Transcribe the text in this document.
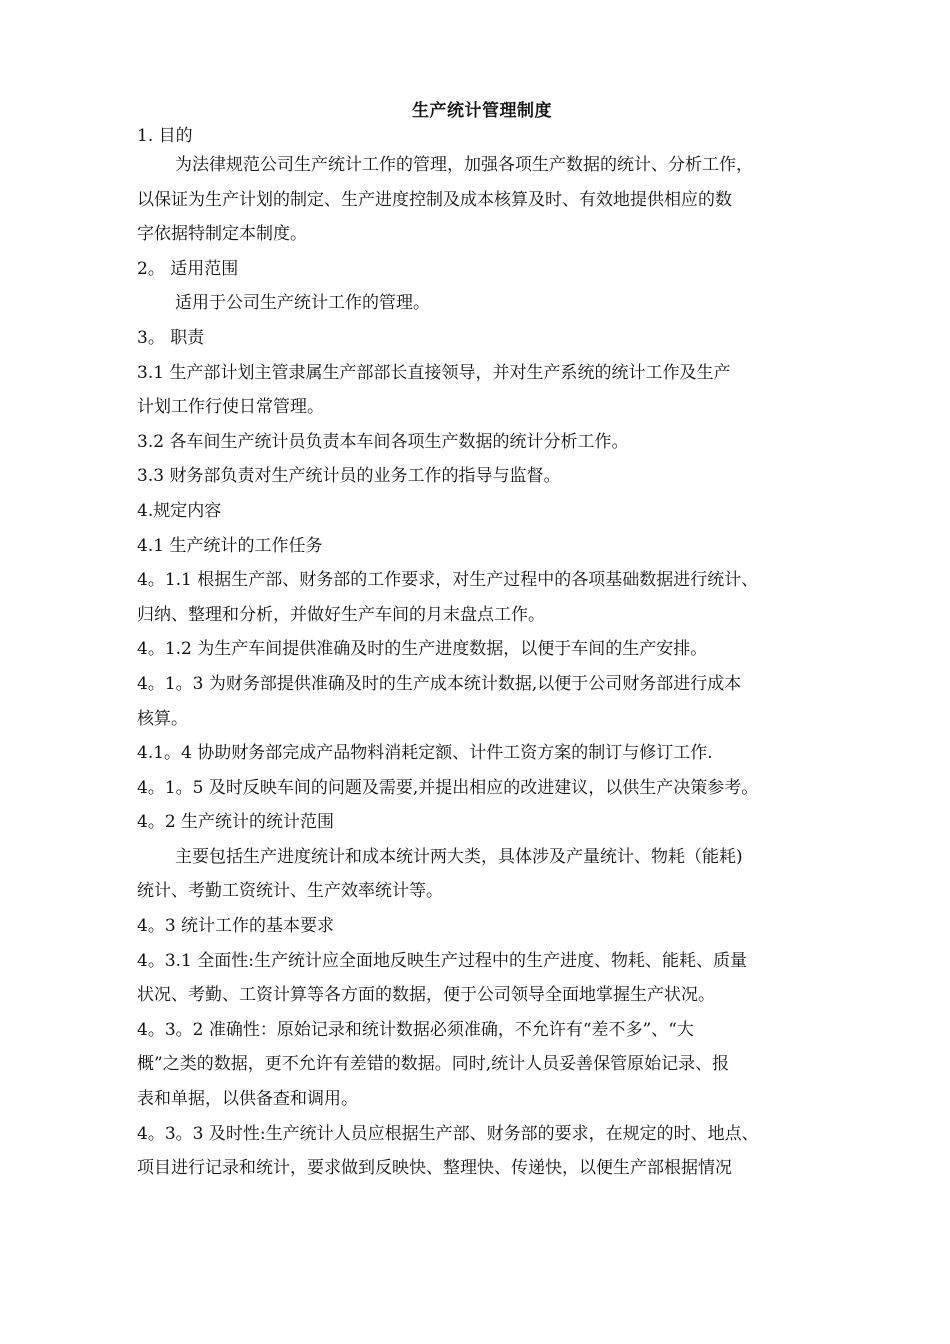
生产统计管理制度
1. 目的
为法律规范公司生产统计工作的管理，加强各项生产数据的统计、分析工作，
以保证为生产计划的制定、生产进度控制及成本核算及时、有效地提供相应的数
字依据特制定本制度。
2。 适用范围
适用于公司生产统计工作的管理。
3。 职责
3.1 生产部计划主管隶属生产部部长直接领导，并对生产系统的统计工作及生产
计划工作行使日常管理。
3.2 各车间生产统计员负责本车间各项生产数据的统计分析工作。
3.3 财务部负责对生产统计员的业务工作的指导与监督。
4.规定内容
4.1 生产统计的工作任务
4。1.1 根据生产部、财务部的工作要求，对生产过程中的各项基础数据进行统计、
归纳、整理和分析，并做好生产车间的月末盘点工作。
4。1.2 为生产车间提供准确及时的生产进度数据，以便于车间的生产安排。
4。1。3 为财务部提供准确及时的生产成本统计数据,以便于公司财务部进行成本
核算。
4.1。4 协助财务部完成产品物料消耗定额、计件工资方案的制订与修订工作.
4。1。5 及时反映车间的问题及需要,并提出相应的改进建议，以供生产决策参考。
4。2 生产统计的统计范围
主要包括生产进度统计和成本统计两大类，具体涉及产量统计、物耗（能耗)
统计、考勤工资统计、生产效率统计等。
4。3 统计工作的基本要求
4。3.1 全面性:生产统计应全面地反映生产过程中的生产进度、物耗、能耗、质量
状况、考勤、工资计算等各方面的数据，便于公司领导全面地掌握生产状况。
4。3。2 准确性：原始记录和统计数据必须准确，不允许有“差不多”、“大
概”之类的数据，更不允许有差错的数据。同时,统计人员妥善保管原始记录、报
表和单据，以供备查和调用。
4。3。3 及时性:生产统计人员应根据生产部、财务部的要求，在规定的时、地点、
项目进行记录和统计，要求做到反映快、整理快、传递快，以便生产部根据情况
